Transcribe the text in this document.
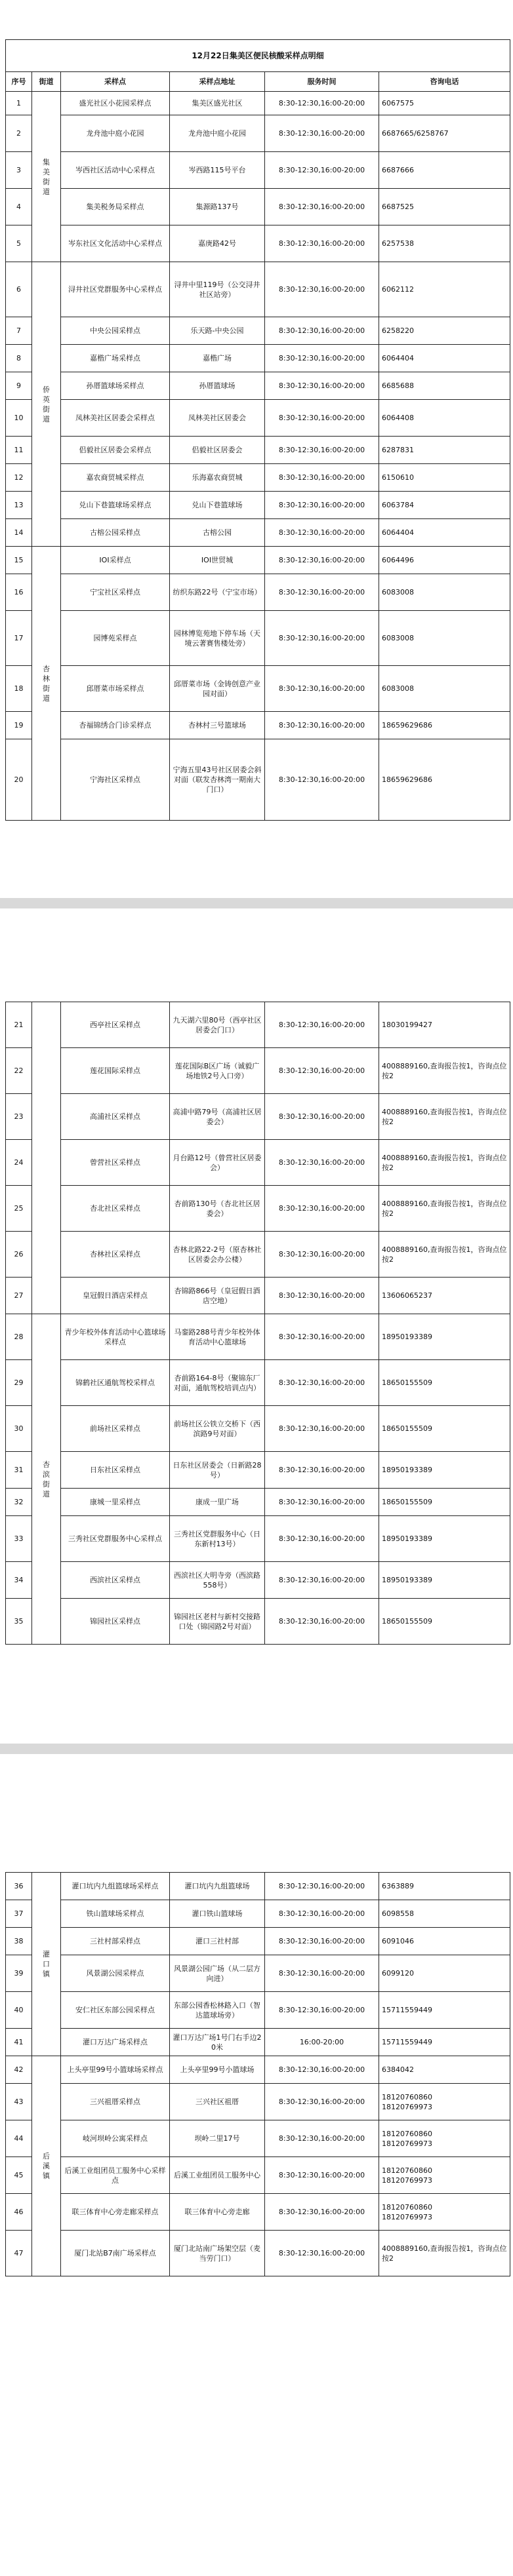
12月22日集美区便民核酸采样点明细					
序号	街道	采样点	采样点地址	服务时间	咨询电话
1	集
美
街
道	盛光社区小花园采样点	集美区盛光社区	8:30-12:30,16:00-20:00	6067575
2		龙舟池中庭小花园	龙舟池中庭小花园	8:30-12:30,16:00-20:00	6687665/6258767
3		岑西社区活动中心采样点	岑西路115号平台	8:30-12:30,16:00-20:00	6687666
4		集美税务局采样点	集源路137号	8:30-12:30,16:00-20:00	6687525
5		岑东社区文化活动中心采样点	嘉庚路42号	8:30-12:30,16:00-20:00	6257538
6	侨
英
街
道	浔井社区党群服务中心采样点	浔井中里119号（公交浔井社区站旁）	8:30-12:30,16:00-20:00	6062112
7		中央公园采样点	乐天路-中央公园	8:30-12:30,16:00-20:00	6258220
8		嘉楷广场采样点	嘉楷广场	8:30-12:30,16:00-20:00	6064404
9		孙厝篮球场采样点	孙厝篮球场	8:30-12:30,16:00-20:00	6685688
10		凤林美社区居委会采样点	凤林美社区居委会	8:30-12:30,16:00-20:00	6064408
11		侣毅社区居委会采样点	侣毅社区居委会	8:30-12:30,16:00-20:00	6287831
12		嘉农商贸城采样点	乐海嘉农商贸城	8:30-12:30,16:00-20:00	6150610
13		兑山下巷篮球场采样点	兑山下巷篮球场	8:30-12:30,16:00-20:00	6063784
14		古榕公园采样点	古榕公园	8:30-12:30,16:00-20:00	6064404
15	杏
林
街
道	IOI采样点	IOI世贸城	8:30-12:30,16:00-20:00	6064496
16		宁宝社区采样点	纺织东路22号（宁宝市场）	8:30-12:30,16:00-20:00	6083008
17		园博苑采样点	园林博览苑地下停车场（天境云著赛售楼处旁）	8:30-12:30,16:00-20:00	6083008
18		邱厝菜市场采样点	邱厝菜市场（金铸创意产业园对面）	8:30-12:30,16:00-20:00	6083008
19		杏福锦绣合门诊采样点	杏林村三号篮球场	8:30-12:30,16:00-20:00	18659629686
20		宁海社区采样点	宁海五里43号社区居委会斜对面（联发杏林湾一期南大门口）	8:30-12:30,16:00-20:00	18659629686
21		西亭社区采样点	九天湖六里80号（西亭社区居委会门口）	8:30-12:30,16:00-20:00	18030199427
22		莲花国际采样点	莲花国际B区广场（诚毅广场地铁2号入口旁）	8:30-12:30,16:00-20:00	4008889160,查询报告按1，咨询点位按2
23		高浦社区采样点	高浦中路79号（高浦社区居委会）	8:30-12:30,16:00-20:00	4008889160,查询报告按1，咨询点位按2
24		曾营社区采样点	月台路12号（曾营社区居委会）	8:30-12:30,16:00-20:00	4008889160,查询报告按1，咨询点位按2
25		杏北社区采样点	杏前路130号（杏北社区居委会）	8:30-12:30,16:00-20:00	4008889160,查询报告按1，咨询点位按2
26		杏林社区采样点	杏林北路22-2号（原杏林社区居委会办公楼）	8:30-12:30,16:00-20:00	4008889160,查询报告按1，咨询点位按2
27		皇冠假日酒店采样点	杏锦路866号（皇冠假日酒店空地）	8:30-12:30,16:00-20:00	13606065237
28	杏
滨
街
道	青少年校外体育活动中心篮球场采样点	马銮路288号青少年校外体育活动中心篮球场	8:30-12:30,16:00-20:00	18950193389
29		锦鹤社区通航驾校采样点	杏前路164-8号（聚锦东厂对面，通航驾校培训点内）	8:30-12:30,16:00-20:00	18650155509
30		前场社区采样点	前场社区公铁立交桥下（西滨路9号对面）	8:30-12:30,16:00-20:00	18650155509
31		日东社区采样点	日东社区居委会（日新路28号）	8:30-12:30,16:00-20:00	18950193389
32		康城一里采样点	康成一里广场	8:30-12:30,16:00-20:00	18650155509
33		三秀社区党群服务中心采样点	三秀社区党群服务中心（日东新村13号）	8:30-12:30,16:00-20:00	18950193389
34		西滨社区采样点	西滨社区大明寺旁（西滨路558号）	8:30-12:30,16:00-20:00	18950193389
35		锦园社区采样点	锦园社区老村与新村交接路口处（锦园路2号对面）	8:30-12:30,16:00-20:00	18650155509
36	灌
口
镇	灌口坑内九组篮球场采样点	灌口坑内九组篮球场	8:30-12:30,16:00-20:00	6363889
37		铁山篮球场采样点	灌口铁山篮球场	8:30-12:30,16:00-20:00	6098558
38		三社村部采样点	灌口三社村部	8:30-12:30,16:00-20:00	6091046
39		风景湖公园采样点	风景湖公园广场（从二层方向进）	8:30-12:30,16:00-20:00	6099120
40		安仁社区东部公园采样点	东部公园香松林路入口（智达篮球场旁）	8:30-12:30,16:00-20:00	15711559449
41		灌口万达广场采样点	灌口万达广场1号门右手边20米	16:00-20:00	15711559449
42	后
溪
镇	上头亭里99号小篮球场采样点	上头亭里99号小篮球场	8:30-12:30,16:00-20:00	6384042
43		三兴祖厝采样点	三兴社区祖厝	8:30-12:30,16:00-20:00	18120760860
18120769973
44		岐河坝岭公寓采样点	坝岭二里17号	8:30-12:30,16:00-20:00	18120760860
18120769973
45		后溪工业组团员工服务中心采样点	后溪工业组团员工服务中心	8:30-12:30,16:00-20:00	18120760860
18120769973
46		联三体育中心旁走廊采样点	联三体育中心旁走廊	8:30-12:30,16:00-20:00	18120760860
18120769973
47		厦门北站B7南广场采样点	厦门北站南广场架空层（麦当劳门口）	8:30-12:30,16:00-20:00	4008889160,查询报告按1，咨询点位按2
